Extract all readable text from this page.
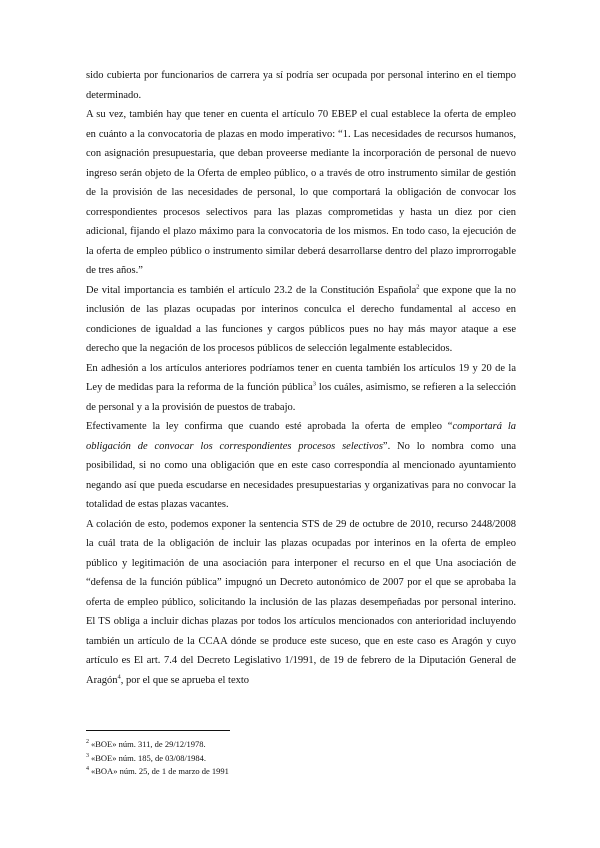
sido cubierta por funcionarios de carrera ya sí podría ser ocupada por personal interino en el tiempo determinado.

A su vez, también hay que tener en cuenta el artículo 70 EBEP el cual establece la oferta de empleo en cuánto a la convocatoria de plazas en modo imperativo: “1. Las necesidades de recursos humanos, con asignación presupuestaria, que deban proveerse mediante la incorporación de personal de nuevo ingreso serán objeto de la Oferta de empleo público, o a través de otro instrumento similar de gestión de la provisión de las necesidades de personal, lo que comportará la obligación de convocar los correspondientes procesos selectivos para las plazas comprometidas y hasta un diez por cien adicional, fijando el plazo máximo para la convocatoria de los mismos. En todo caso, la ejecución de la oferta de empleo público o instrumento similar deberá desarrollarse dentro del plazo improrrogable de tres años.”

De vital importancia es también el artículo 23.2 de la Constitución Española$^2$ que expone que la no inclusión de las plazas ocupadas por interinos conculca el derecho fundamental al acceso en condiciones de igualdad a las funciones y cargos públicos pues no hay más mayor ataque a ese derecho que la negación de los procesos públicos de selección legalmente establecidos.

En adhesión a los artículos anteriores podríamos tener en cuenta también los artículos 19 y 20 de la Ley de medidas para la reforma de la función pública$^3$ los cuáles, asimismo, se refieren a la selección de personal y a la provisión de puestos de trabajo.

Efectivamente la ley confirma que cuando esté aprobada la oferta de empleo “comportará la obligación de convocar los correspondientes procesos selectivos”. No lo nombra como una posibilidad, si no como una obligación que en este caso correspondía al mencionado ayuntamiento negando así que pueda escudarse en necesidades presupuestarias y organizativas para no convocar la totalidad de estas plazas vacantes.

A colación de esto, podemos exponer la sentencia STS de 29 de octubre de 2010, recurso 2448/2008 la cuál trata de la obligación de incluir las plazas ocupadas por interinos en la oferta de empleo público y legitimación de una asociación para interponer el recurso en el que Una asociación de “defensa de la función pública” impugnó un Decreto autonómico de 2007 por el que se aprobaba la oferta de empleo público, solicitando la inclusión de las plazas desempeñadas por personal interino. El TS obliga a incluir dichas plazas por todos los artículos mencionados con anterioridad incluyendo también un artículo de la CCAA dónde se produce este suceso, que en este caso es Aragón y cuyo artículo es El art. 7.4 del Decreto Legislativo 1/1991, de 19 de febrero de la Diputación General de Aragón$^4$, por el que se aprueba el texto

$^2$ «BOE» núm. 311, de 29/12/1978.

$^3$ «BOE» núm. 185, de 03/08/1984.

$^4$ «BOA» núm. 25, de 1 de marzo de 1991
